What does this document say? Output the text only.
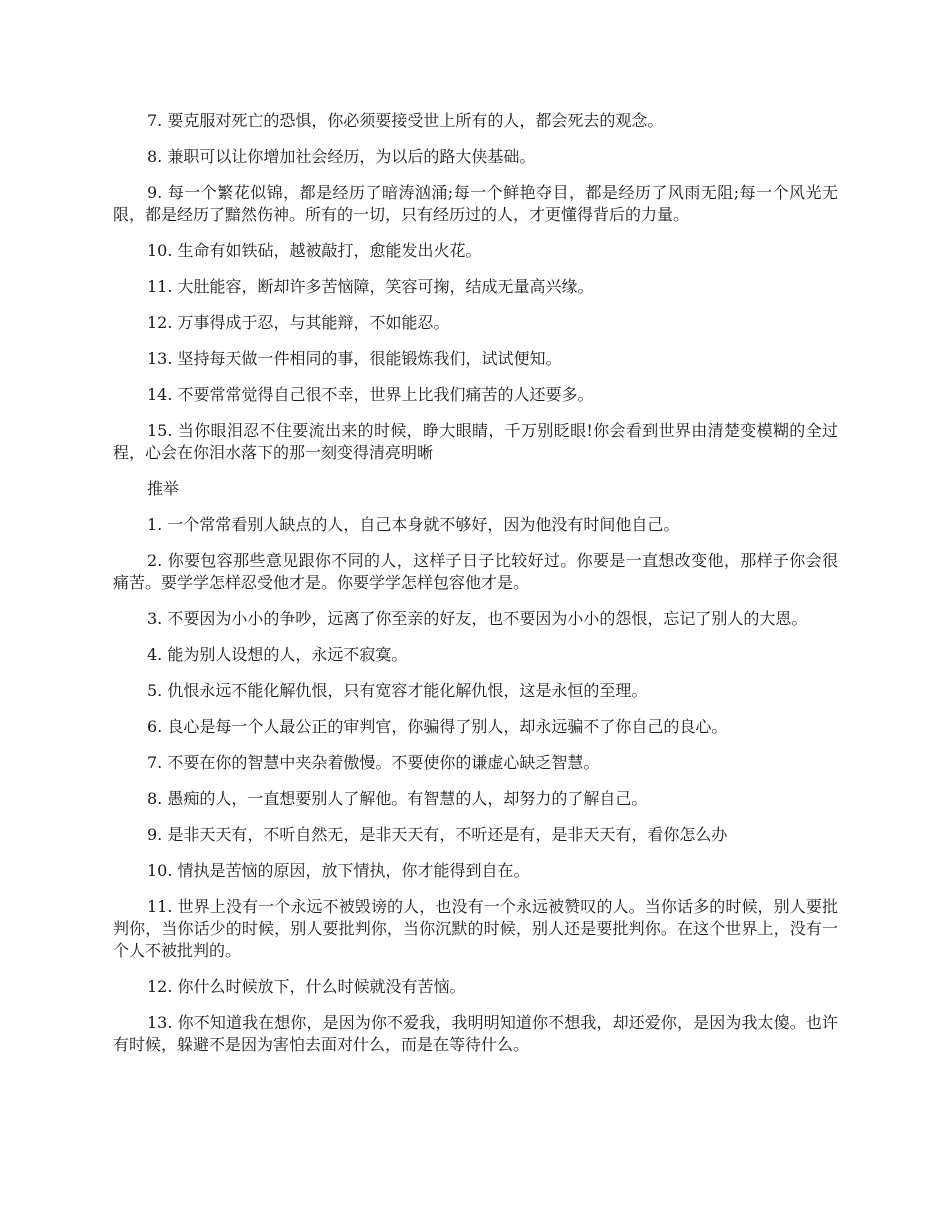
7. 要克服对死亡的恐惧，你必须要接受世上所有的人，都会死去的观念。

8. 兼职可以让你增加社会经历，为以后的路大侠基础。

9. 每一个繁花似锦，都是经历了暗涛汹涌;每一个鲜艳夺目，都是经历了风雨无阻;每一个风光无限，都是经历了黯然伤神。所有的一切，只有经历过的人，才更懂得背后的力量。

10. 生命有如铁砧，越被敲打，愈能发出火花。

11. 大肚能容，断却许多苦恼障，笑容可掬，结成无量高兴缘。

12. 万事得成于忍，与其能辩，不如能忍。

13. 坚持每天做一件相同的事，很能锻炼我们，试试便知。

14. 不要常常觉得自己很不幸，世界上比我们痛苦的人还要多。

15. 当你眼泪忍不住要流出来的时候，睁大眼睛，千万别眨眼!你会看到世界由清楚变模糊的全过程，心会在你泪水落下的那一刻变得清亮明晰

推举

1. 一个常常看别人缺点的人，自己本身就不够好，因为他没有时间他自己。

2. 你要包容那些意见跟你不同的人，这样子日子比较好过。你要是一直想改变他，那样子你会很痛苦。要学学怎样忍受他才是。你要学学怎样包容他才是。

3. 不要因为小小的争吵，远离了你至亲的好友，也不要因为小小的怨恨，忘记了别人的大恩。

4. 能为别人设想的人，永远不寂寞。

5. 仇恨永远不能化解仇恨，只有宽容才能化解仇恨，这是永恒的至理。

6. 良心是每一个人最公正的审判官，你骗得了别人，却永远骗不了你自己的良心。

7. 不要在你的智慧中夹杂着傲慢。不要使你的谦虚心缺乏智慧。

8. 愚痴的人，一直想要别人了解他。有智慧的人，却努力的了解自己。

9. 是非天天有，不听自然无，是非天天有，不听还是有，是非天天有，看你怎么办

10. 情执是苦恼的原因，放下情执，你才能得到自在。

11. 世界上没有一个永远不被毁谤的人，也没有一个永远被赞叹的人。当你话多的时候，别人要批判你，当你话少的时候，别人要批判你，当你沉默的时候，别人还是要批判你。在这个世界上，没有一个人不被批判的。

12. 你什么时候放下，什么时候就没有苦恼。

13. 你不知道我在想你，是因为你不爱我，我明明知道你不想我，却还爱你，是因为我太傻。也许有时候，躲避不是因为害怕去面对什么，而是在等待什么。
